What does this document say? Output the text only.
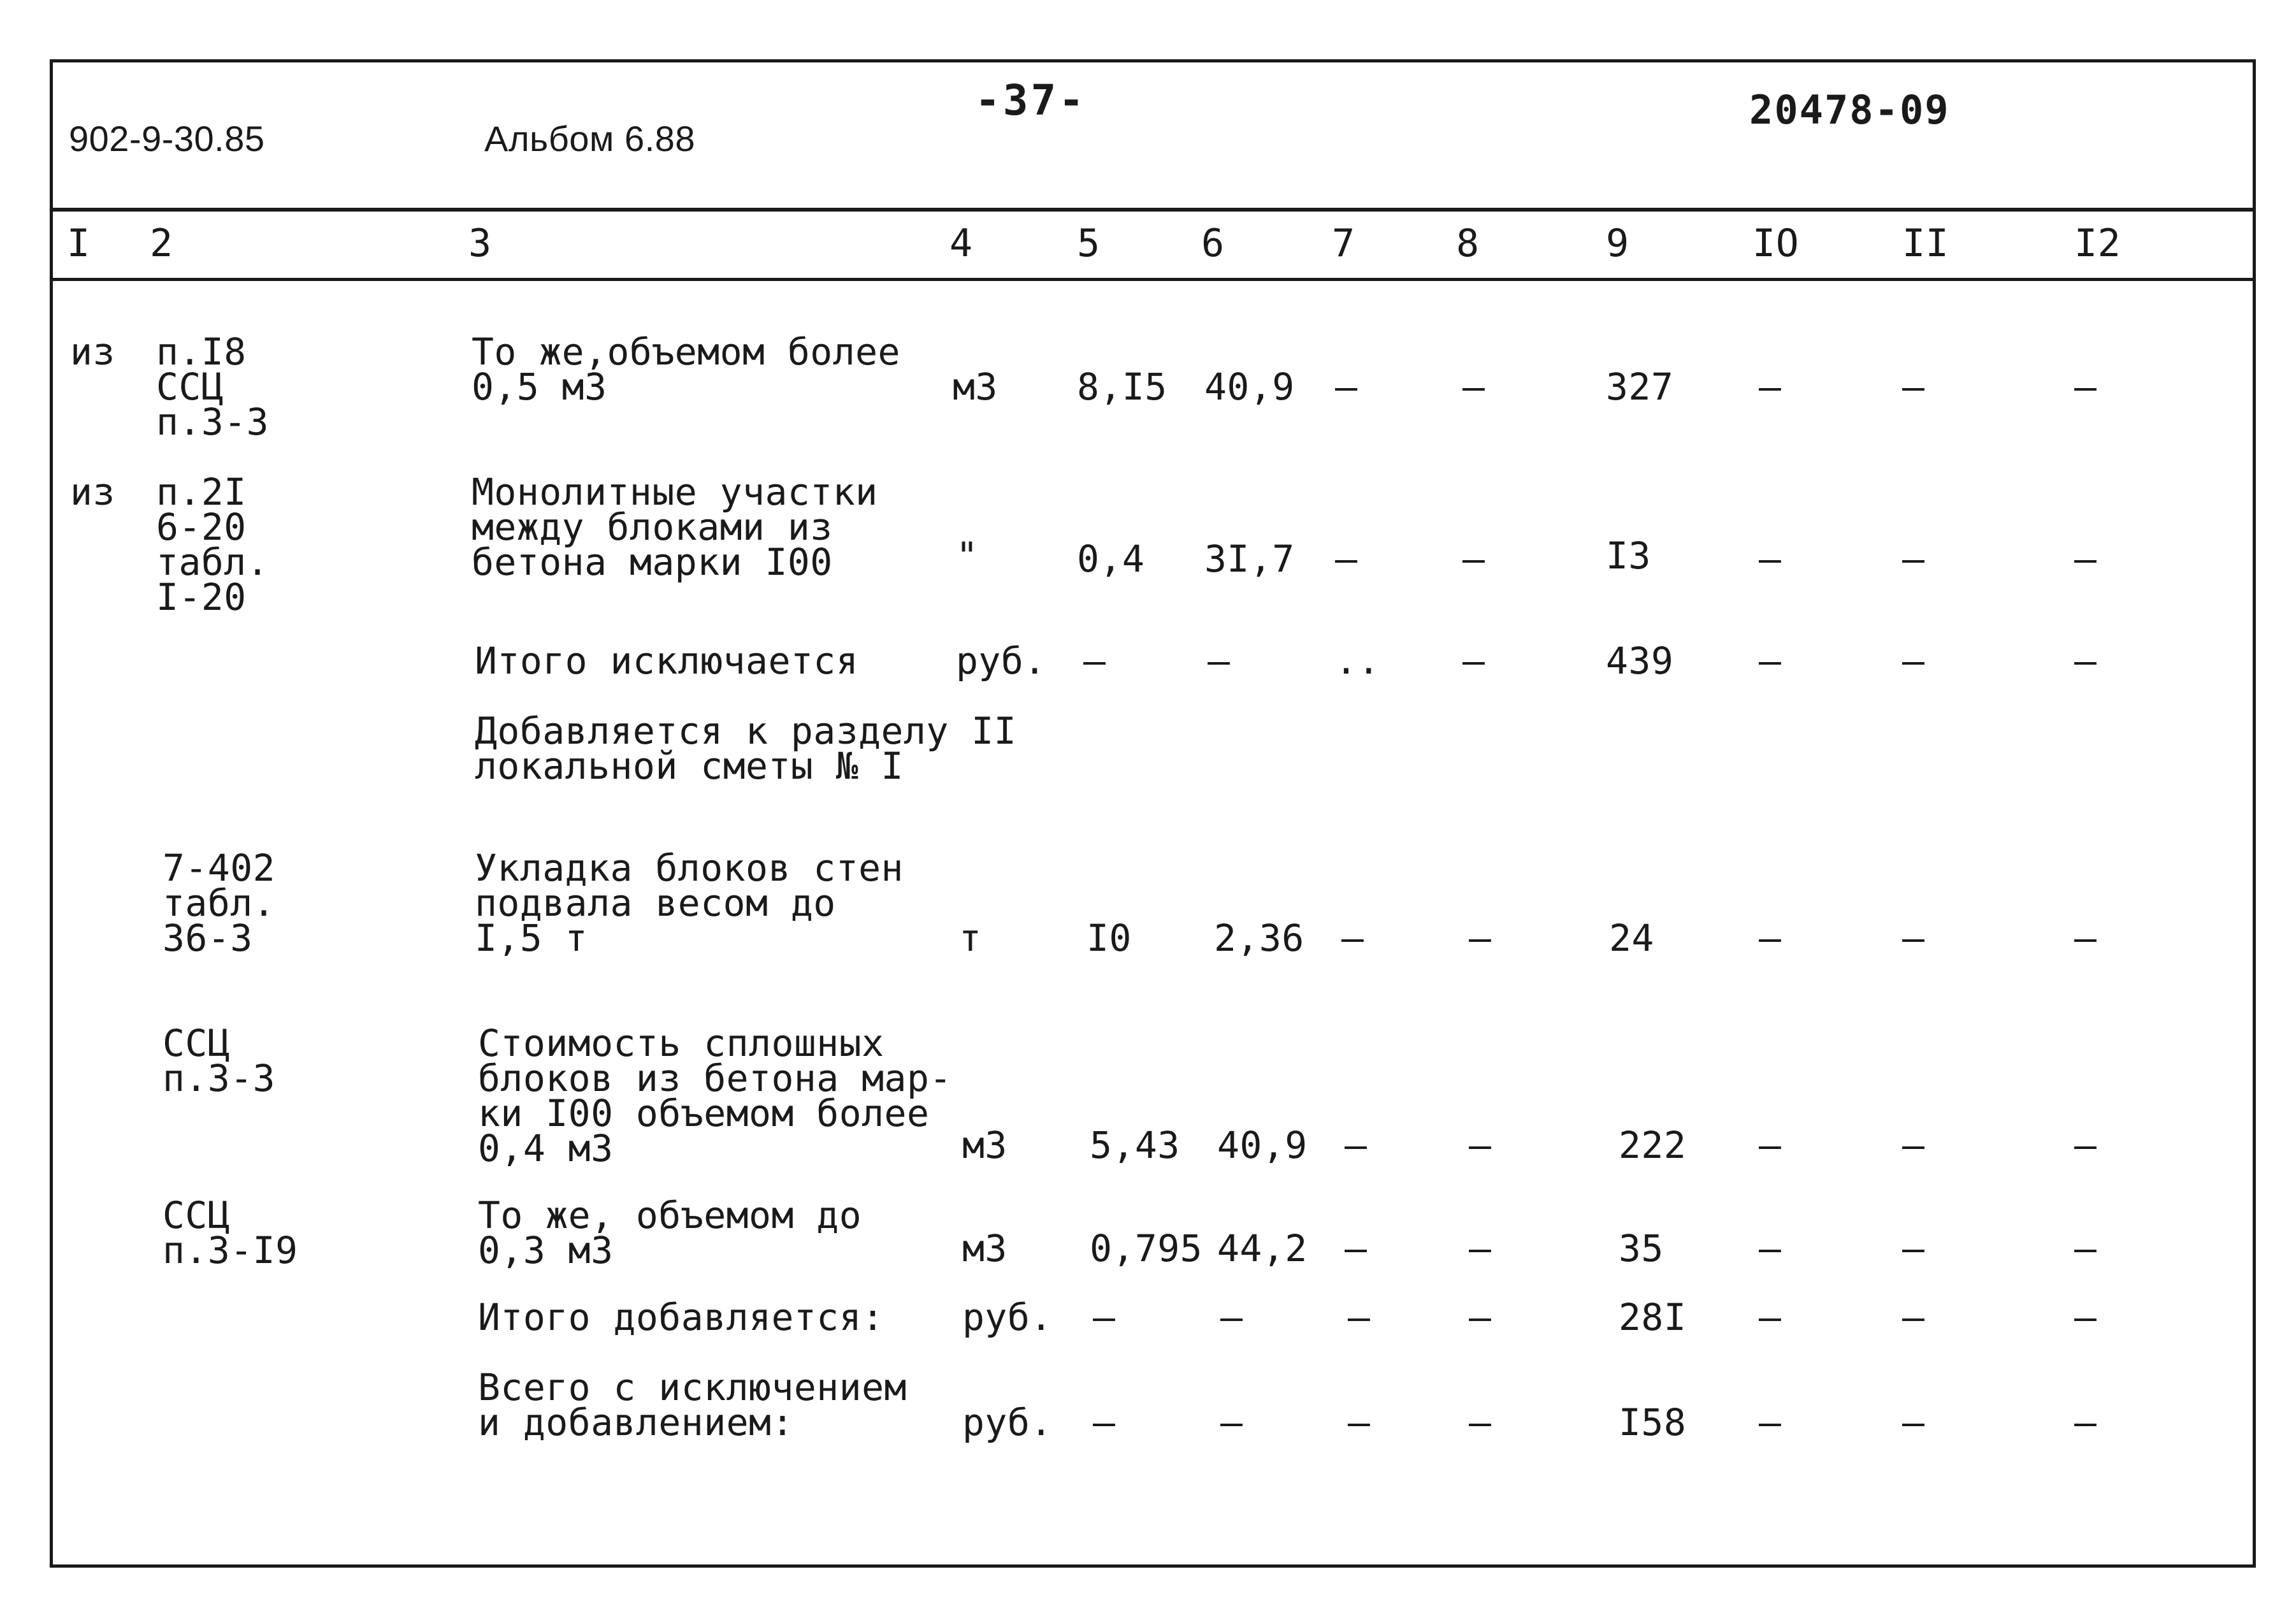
902-9-30.85	Альбом 6.88
-37-	20478-09
I 2	3	4	5	6	7	8	9	IO	II	I2
из п.I8
ССЦ
п.3-3
То же,объемом более
0,5 м3	м3 8,I5 40,9 –	–	327 –	–	–
из п.2I
6-20
табл.
I-20
Монолитные участки
между блоками из
бетона марки I00	"	0,4 3I,7 –	–	I3	–	–	–
Итого исключается	руб. –	–	.. –	439 –	–	–
Добавляется к разделу II
локальной сметы № I
7-402
табл.
36-3
Укладка блоков стен
подвала весом до
I,5 т	т	I0 2,36 –	–	24	–	–	–
ССЦ
п.3-3
Стоимость сплошных
блоков из бетона мар-
ки I00 объемом более
0,4 м3	м3 5,43 40,9 –	–	222 –	–	–
ССЦ
п.3-I9
То же, объемом до
0,3 м3	м3 0,795 44,2 –	–	35	–	–	–
Итого добавляется: руб. –	–	–	–	28I –	–	–
Всего с исключением
и добавлением:	руб. –	–	–	–	I58 –	–	–
